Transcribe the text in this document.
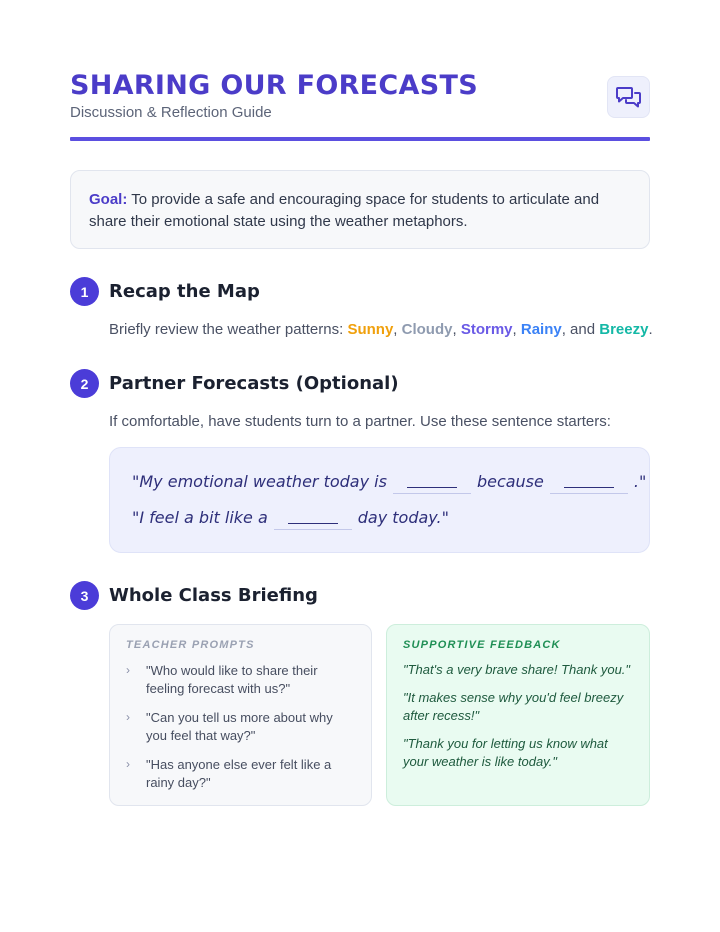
SHARING OUR FORECASTS
Discussion & Reflection Guide
Goal: To provide a safe and encouraging space for students to articulate and share their emotional state using the weather metaphors.
1	Recap the Map
Briefly review the weather patterns: Sunny, Cloudy, Stormy, Rainy, and Breezy.
2	Partner Forecasts (Optional)
If comfortable, have students turn to a partner. Use these sentence starters:
"My emotional weather today is	because	."
"I feel a bit like a	day today."
3	Whole Class Briefing
TEACHER PROMPTS
›	"Who would like to share their feeling forecast with us?"
›	"Can you tell us more about why you feel that way?"
›	"Has anyone else ever felt like a rainy day?"
SUPPORTIVE FEEDBACK
"That's a very brave share! Thank you."
"It makes sense why you'd feel breezy after recess!"
"Thank you for letting us know what your weather is like today."
